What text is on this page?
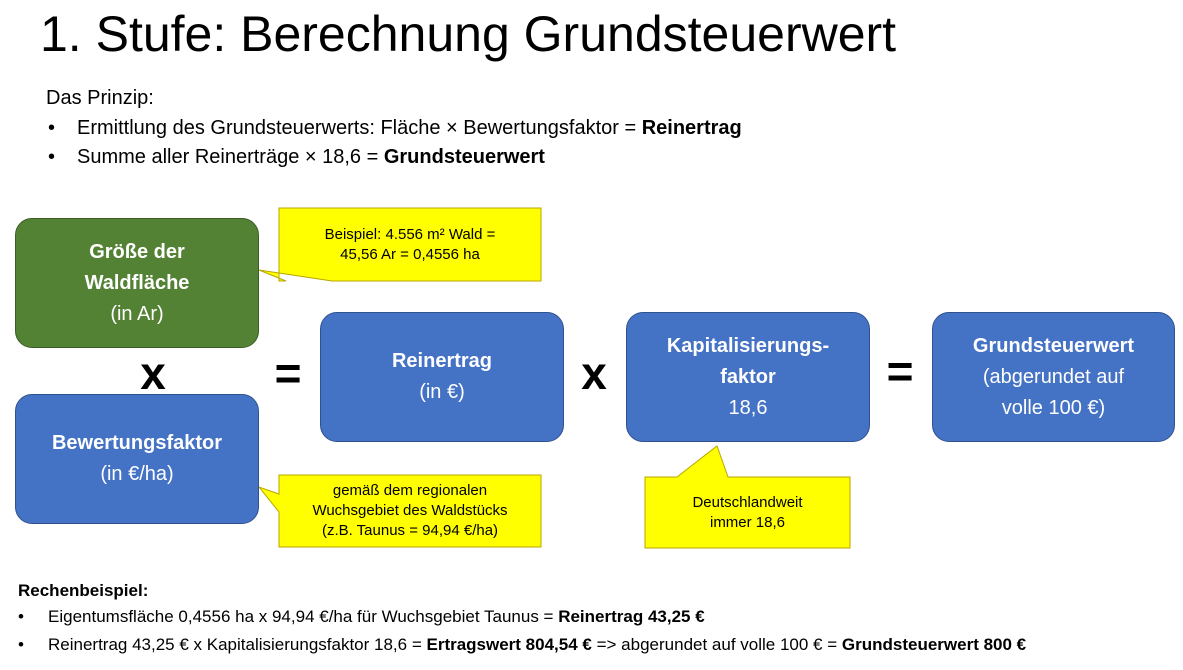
1. Stufe: Berechnung Grundsteuerwert
Das Prinzip:
• Ermittlung des Grundsteuerwerts: Fläche × Bewertungsfaktor = Reinertrag
• Summe aller Reinerträge × 18,6 = Grundsteuerwert
Beispiel: 4.556 m² Wald =
45,56 Ar = 0,4556 ha
gemäß dem regionalen
Wuchsgebiet des Waldstücks
(z.B. Taunus = 94,94 €/ha)
Deutschlandweit
immer 18,6
Größe der
Waldfläche
(in Ar)
Bewertungsfaktor
(in €/ha)
Reinertrag
(in €)
Kapitalisierungs-
faktor
18,6
Grundsteuerwert
(abgerundet auf
volle 100 €)
x =	x	=
Rechenbeispiel:
• Eigentumsfläche 0,4556 ha x 94,94 €/ha für Wuchsgebiet Taunus = Reinertrag 43,25 €
• Reinertrag 43,25 € x Kapitalisierungsfaktor 18,6 = Ertragswert 804,54 € => abgerundet auf volle 100 € = Grundsteuerwert 800 €
